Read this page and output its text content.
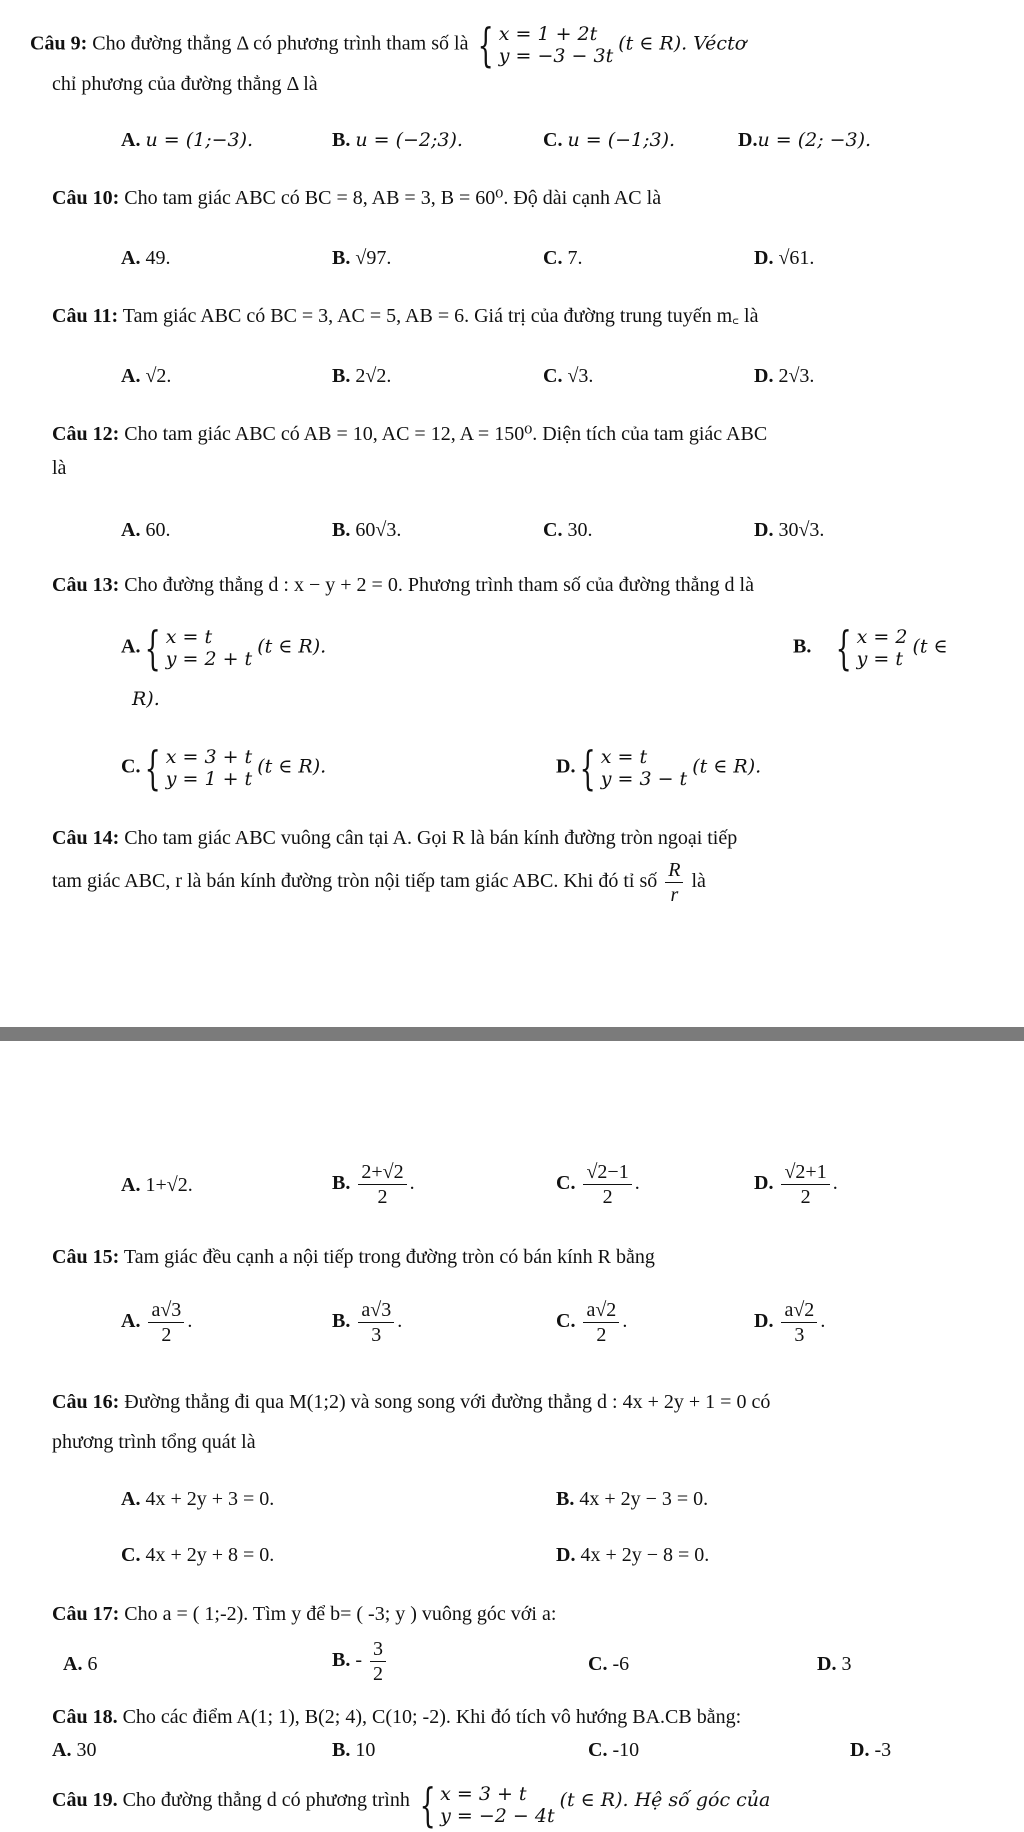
Câu 9: Cho đường thẳng Δ có phương trình tham số là { x = 1 + 2t
y = −3 − 3t
(t ∈ R). Véctơ
chỉ phương của đường thẳng Δ là
A. u = (1;−3).	B. u = (−2;3).	C. u = (−1;3).	D.u = (2; −3).
Câu 10: Cho tam giác ABC có BC = 8, AB = 3, B = 60⁰. Độ dài cạnh AC là
A. 49.	B. √97.	C. 7.	D. √61.
Câu 11: Tam giác ABC có BC = 3, AC = 5, AB = 6. Giá trị của đường trung tuyến m꜀ là
A. √2.	B. 2√2.	C. √3.	D. 2√3.
Câu 12: Cho tam giác ABC có AB = 10, AC = 12, A = 150⁰. Diện tích của tam giác ABC
là
A. 60.	B. 60√3.	C. 30.	D. 30√3.
Câu 13: Cho đường thẳng d : x − y + 2 = 0. Phương trình tham số của đường thẳng d là
A.{ x = t
y = 2 + t
(t ∈ R).	B. { x = 2
y = t
(t ∈
R).
C.{ x = 3 + t
y = 1 + t
(t ∈ R).	D.{ x = t
y = 3 − t
(t ∈ R).
Câu 14: Cho tam giác ABC vuông cân tại A. Gọi R là bán kính đường tròn ngoại tiếp
tam giác ABC, r là bán kính đường tròn nội tiếp tam giác ABC. Khi đó tỉ số $\frac{R}{r}$ là
A. 1+√2.	B. $\frac{2+√2}{2}$ .	C. $\frac{√2-1}{2}$ .	D. $\frac{√2+1}{2}$ .
Câu 15: Tam giác đều cạnh a nội tiếp trong đường tròn có bán kính R bằng
A. $\frac{a√3}{2}$ .	B. $\frac{a√3}{3}$ .	C. $\frac{a√2}{2}$ .	D. $\frac{a√2}{3}$ .
Câu 16: Đường thẳng đi qua M(1;2) và song song với đường thẳng d : 4x + 2y + 1 = 0 có
phương trình tổng quát là
A. 4x + 2y + 3 = 0.	B. 4x + 2y − 3 = 0.
C. 4x + 2y + 8 = 0.	D. 4x + 2y − 8 = 0.
Câu 17: Cho a = ( 1;-2). Tìm y để b= ( -3; y ) vuông góc với a:
A. 6	B. - $\frac{3}{2}$	C. -6	D. 3
Câu 18. Cho các điểm A(1; 1), B(2; 4), C(10; -2). Khi đó tích vô hướng BA.CB bằng:
A. 30	B. 10	C. -10	D. -3
Câu 19. Cho đường thẳng d có phương trình { x = 3 + t
y = −2 − 4t
(t ∈ R). Hệ số góc của
